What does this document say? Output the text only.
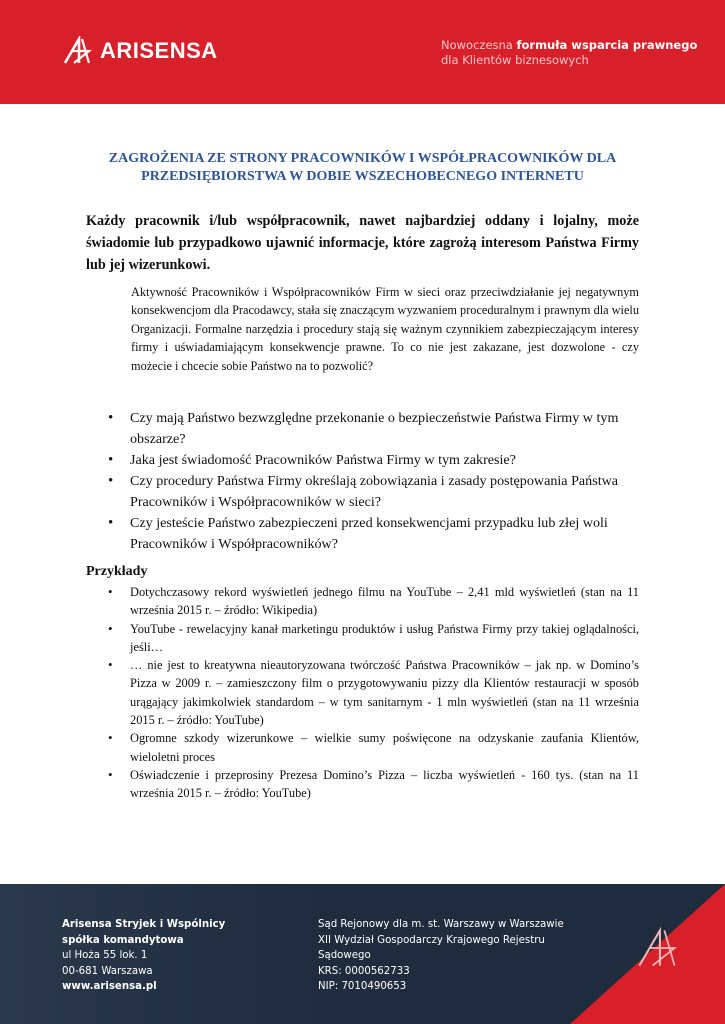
ARISENSA	Nowoczesna formuła wsparcia prawnego
dla Klientów biznesowych
ZAGROŻENIA ZE STRONY PRACOWNIKÓW I WSPÓŁPRACOWNIKÓW DLA
PRZEDSIĘBIORSTWA W DOBIE WSZECHOBECNEGO INTERNETU
Każdy pracownik i/lub współpracownik, nawet najbardziej oddany i lojalny, może świadomie lub przypadkowo ujawnić informacje, które zagrożą interesom Państwa Firmy lub jej wizerunkowi.
Aktywność Pracowników i Współpracowników Firm w sieci oraz przeciwdziałanie jej negatywnym konsekwencjom dla Pracodawcy, stała się znaczącym wyzwaniem proceduralnym i prawnym dla wielu Organizacji. Formalne narzędzia i procedury stają się ważnym czynnikiem zabezpieczającym interesy firmy i uświadamiającym konsekwencje prawne. To co nie jest zakazane, jest dozwolone - czy możecie i chcecie sobie Państwo na to pozwolić?
• Czy mają Państwo bezwzględne przekonanie o bezpieczeństwie Państwa Firmy w tym obszarze?
• Jaka jest świadomość Pracowników Państwa Firmy w tym zakresie?
• Czy procedury Państwa Firmy określają zobowiązania i zasady postępowania Państwa Pracowników i Współpracowników w sieci?
• Czy jesteście Państwo zabezpieczeni przed konsekwencjami przypadku lub złej woli Pracowników i Współpracowników?
Przykłady
• Dotychczasowy rekord wyświetleń jednego filmu na YouTube – 2,41 mld wyświetleń (stan na 11 września 2015 r. – źródło: Wikipedia)
• YouTube - rewelacyjny kanał marketingu produktów i usług Państwa Firmy przy takiej oglądalności, jeśli…
• … nie jest to kreatywna nieautoryzowana twórczość Państwa Pracowników – jak np. w Domino’s Pizza w 2009 r. – zamieszczony film o przygotowywaniu pizzy dla Klientów restauracji w sposób urągający jakimkolwiek standardom – w tym sanitarnym - 1 mln wyświetleń (stan na 11 września 2015 r. – źródło: YouTube)
• Ogromne szkody wizerunkowe – wielkie sumy poświęcone na odzyskanie zaufania Klientów, wieloletni proces
• Oświadczenie i przeprosiny Prezesa Domino’s Pizza – liczba wyświetleń - 160 tys. (stan na 11 września 2015 r. – źródło: YouTube)
Arisensa Stryjek i Wspólnicy
spółka komandytowa
ul Hoża 55 lok. 1
00-681 Warszawa
www.arisensa.pl
Sąd Rejonowy dla m. st. Warszawy w Warszawie
XII Wydział Gospodarczy Krajowego Rejestru
Sądowego
KRS: 0000562733
NIP: 7010490653
